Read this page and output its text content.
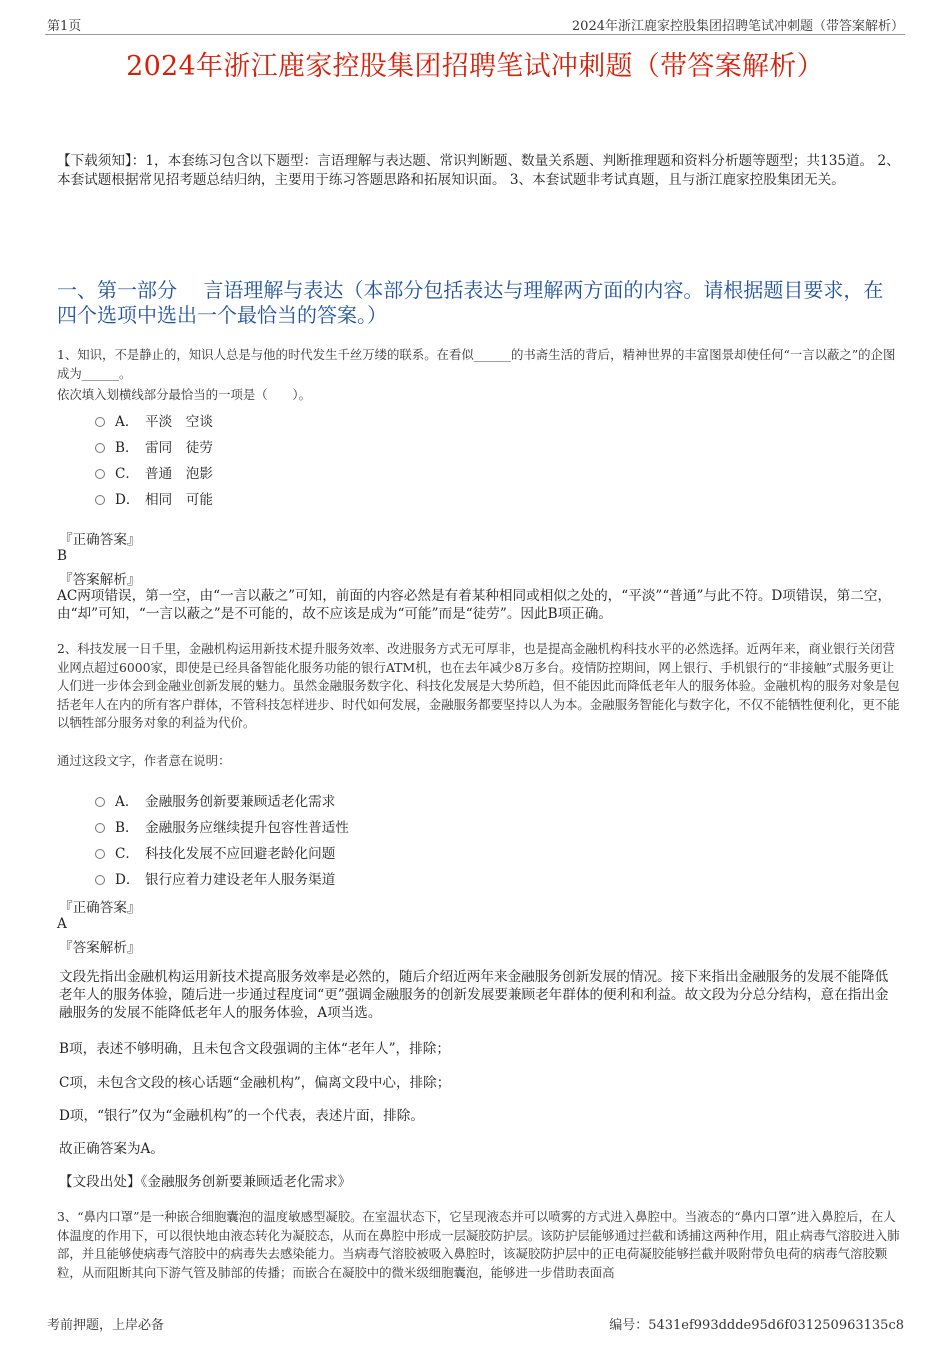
第1页	2024年浙江鹿家控股集团招聘笔试冲刺题（带答案解析）
2024年浙江鹿家控股集团招聘笔试冲刺题（带答案解析）
【下载须知】：1，本套练习包含以下题型：言语理解与表达题、常识判断题、数量关系题、判断推理题和资料分析题等题型；共135道。 2、本套试题根据常见招考题总结归纳，主要用于练习答题思路和拓展知识面。 3、本套试题非考试真题，且与浙江鹿家控股集团无关。
一、第一部分　 言语理解与表达（本部分包括表达与理解两方面的内容。请根据题目要求，在四个选项中选出一个最恰当的答案。）
1、知识，不是静止的，知识人总是与他的时代发生千丝万缕的联系。在看似______的书斋生活的背后，精神世界的丰富图景却使任何“一言以蔽之”的企图成为______。
依次填入划横线部分最恰当的一项是（　　）。
A． 平淡　空谈
B． 雷同　徒劳
C． 普通　泡影
D． 相同　可能
『正确答案』
B
『答案解析』
AC两项错误，第一空，由“一言以蔽之”可知，前面的内容必然是有着某种相同或相似之处的，“平淡”“普通”与此不符。D项错误，第二空，由“却”可知，“一言以蔽之”是不可能的，故不应该是成为“可能”而是“徒劳”。因此B项正确。
2、科技发展一日千里，金融机构运用新技术提升服务效率、改进服务方式无可厚非，也是提高金融机构科技水平的必然选择。近两年来，商业银行关闭营业网点超过6000家，即使是已经具备智能化服务功能的银行ATM机，也在去年减少8万多台。疫情防控期间，网上银行、手机银行的“非接触”式服务更让人们进一步体会到金融业创新发展的魅力。虽然金融服务数字化、科技化发展是大势所趋，但不能因此而降低老年人的服务体验。金融机构的服务对象是包括老年人在内的所有客户群体，不管科技怎样进步、时代如何发展，金融服务都要坚持以人为本。金融服务智能化与数字化，不仅不能牺牲便利化，更不能以牺牲部分服务对象的利益为代价。
通过这段文字，作者意在说明：
A． 金融服务创新要兼顾适老化需求
B． 金融服务应继续提升包容性普适性
C． 科技化发展不应回避老龄化问题
D． 银行应着力建设老年人服务渠道
『正确答案』
A
『答案解析』
文段先指出金融机构运用新技术提高服务效率是必然的，随后介绍近两年来金融服务创新发展的情况。接下来指出金融服务的发展不能降低老年人的服务体验，随后进一步通过程度词“更”强调金融服务的创新发展要兼顾老年群体的便利和利益。故文段为分总分结构，意在指出金融服务的发展不能降低老年人的服务体验，A项当选。
B项，表述不够明确，且未包含文段强调的主体“老年人”，排除；
C项，未包含文段的核心话题“金融机构”，偏离文段中心，排除；
D项，“银行”仅为“金融机构”的一个代表，表述片面，排除。
故正确答案为A。
【文段出处】《金融服务创新要兼顾适老化需求》
3、“鼻内口罩”是一种嵌合细胞囊泡的温度敏感型凝胶。在室温状态下，它呈现液态并可以喷雾的方式进入鼻腔中。当液态的“鼻内口罩”进入鼻腔后，在人体温度的作用下，可以很快地由液态转化为凝胶态，从而在鼻腔中形成一层凝胶防护层。该防护层能够通过拦截和诱捕这两种作用，阻止病毒气溶胶进入肺部，并且能够使病毒气溶胶中的病毒失去感染能力。当病毒气溶胶被吸入鼻腔时，该凝胶防护层中的正电荷凝胶能够拦截并吸附带负电荷的病毒气溶胶颗粒，从而阻断其向下游气管及肺部的传播；而嵌合在凝胶中的微米级细胞囊泡，能够进一步借助表面高
考前押题，上岸必备	编号：5431ef993ddde95d6f031250963135c8
